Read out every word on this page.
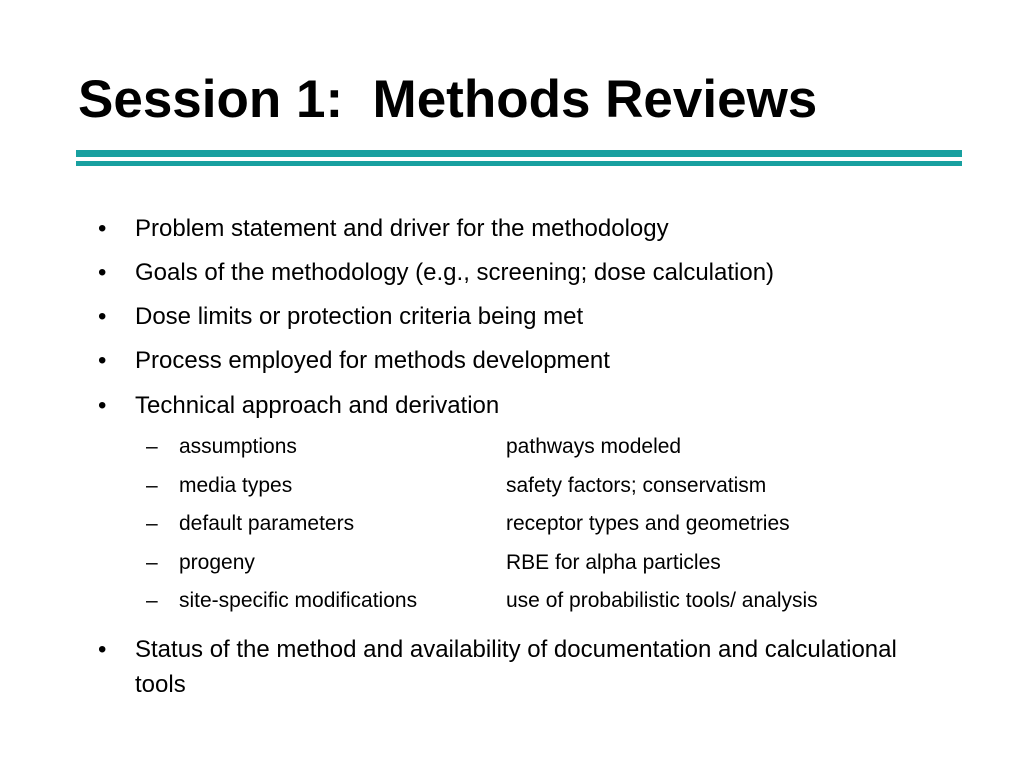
Session 1:  Methods Reviews
•	Problem statement and driver for the methodology
•	Goals of the methodology (e.g., screening; dose calculation)
•	Dose limits or protection criteria being met
•	Process employed for methods development
•	Technical approach and derivation
– assumptions	pathways modeled
– media types	safety factors; conservatism
– default parameters	receptor types and geometries
– progeny	RBE for alpha particles
– site-specific modifications	use of probabilistic tools/ analysis
•	Status of the method and availability of documentation and calculational tools
